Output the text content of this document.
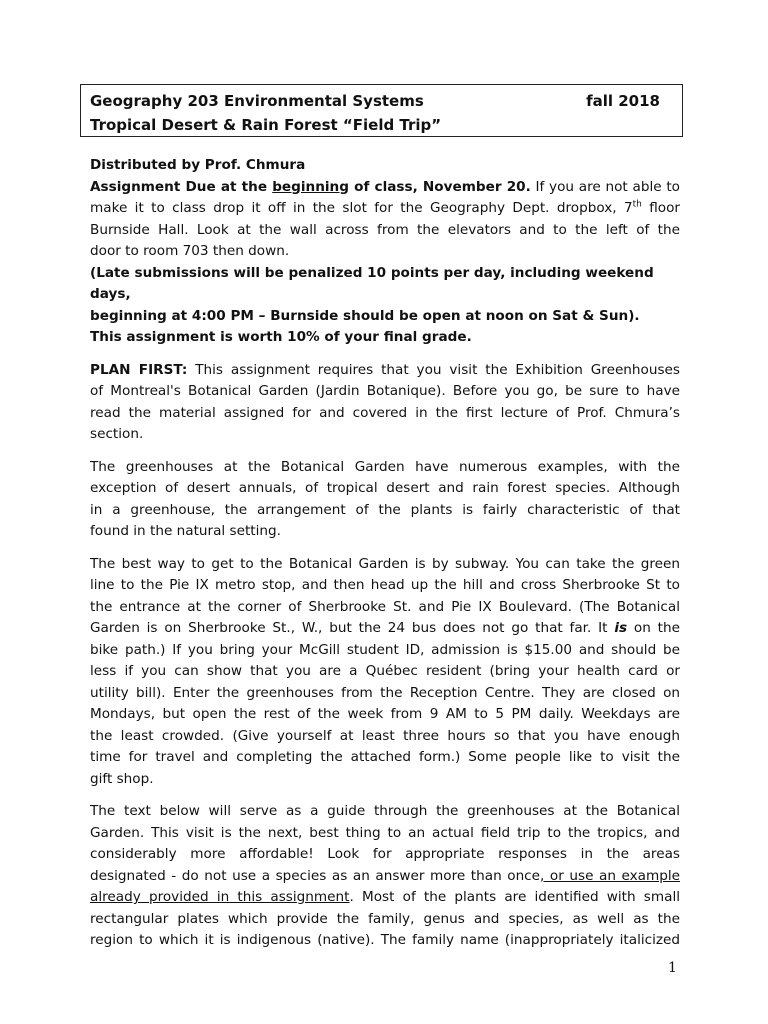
Geography 203 Environmental Systems	fall 2018
Tropical Desert & Rain Forest “Field Trip”
Distributed by Prof. Chmura
Assignment Due at the beginning of class, November 20. If you are not able to
make it to class drop it off in the slot for the Geography Dept. dropbox, 7th floor
Burnside Hall. Look at the wall across from the elevators and to the left of the
door to room 703 then down.
(Late submissions will be penalized 10 points per day, including weekend days,
beginning at 4:00 PM – Burnside should be open at noon on Sat & Sun).
This assignment is worth 10% of your final grade.
PLAN FIRST: This assignment requires that you visit the Exhibition Greenhouses
of Montreal's Botanical Garden (Jardin Botanique). Before you go, be sure to have
read the material assigned for and covered in the first lecture of Prof. Chmura’s
section.
The greenhouses at the Botanical Garden have numerous examples, with the
exception of desert annuals, of tropical desert and rain forest species. Although
in a greenhouse, the arrangement of the plants is fairly characteristic of that
found in the natural setting.
The best way to get to the Botanical Garden is by subway. You can take the green
line to the Pie IX metro stop, and then head up the hill and cross Sherbrooke St to
the entrance at the corner of Sherbrooke St. and Pie IX Boulevard. (The Botanical
Garden is on Sherbrooke St., W., but the 24 bus does not go that far. It is on the
bike path.) If you bring your McGill student ID, admission is $15.00 and should be
less if you can show that you are a Québec resident (bring your health card or
utility bill). Enter the greenhouses from the Reception Centre. They are closed on
Mondays, but open the rest of the week from 9 AM to 5 PM daily. Weekdays are
the least crowded. (Give yourself at least three hours so that you have enough
time for travel and completing the attached form.) Some people like to visit the
gift shop.
The text below will serve as a guide through the greenhouses at the Botanical
Garden. This visit is the next, best thing to an actual field trip to the tropics, and
considerably more affordable! Look for appropriate responses in the areas
designated - do not use a species as an answer more than once, or use an example
already provided in this assignment. Most of the plants are identified with small
rectangular plates which provide the family, genus and species, as well as the
region to which it is indigenous (native). The family name (inappropriately italicized
1
